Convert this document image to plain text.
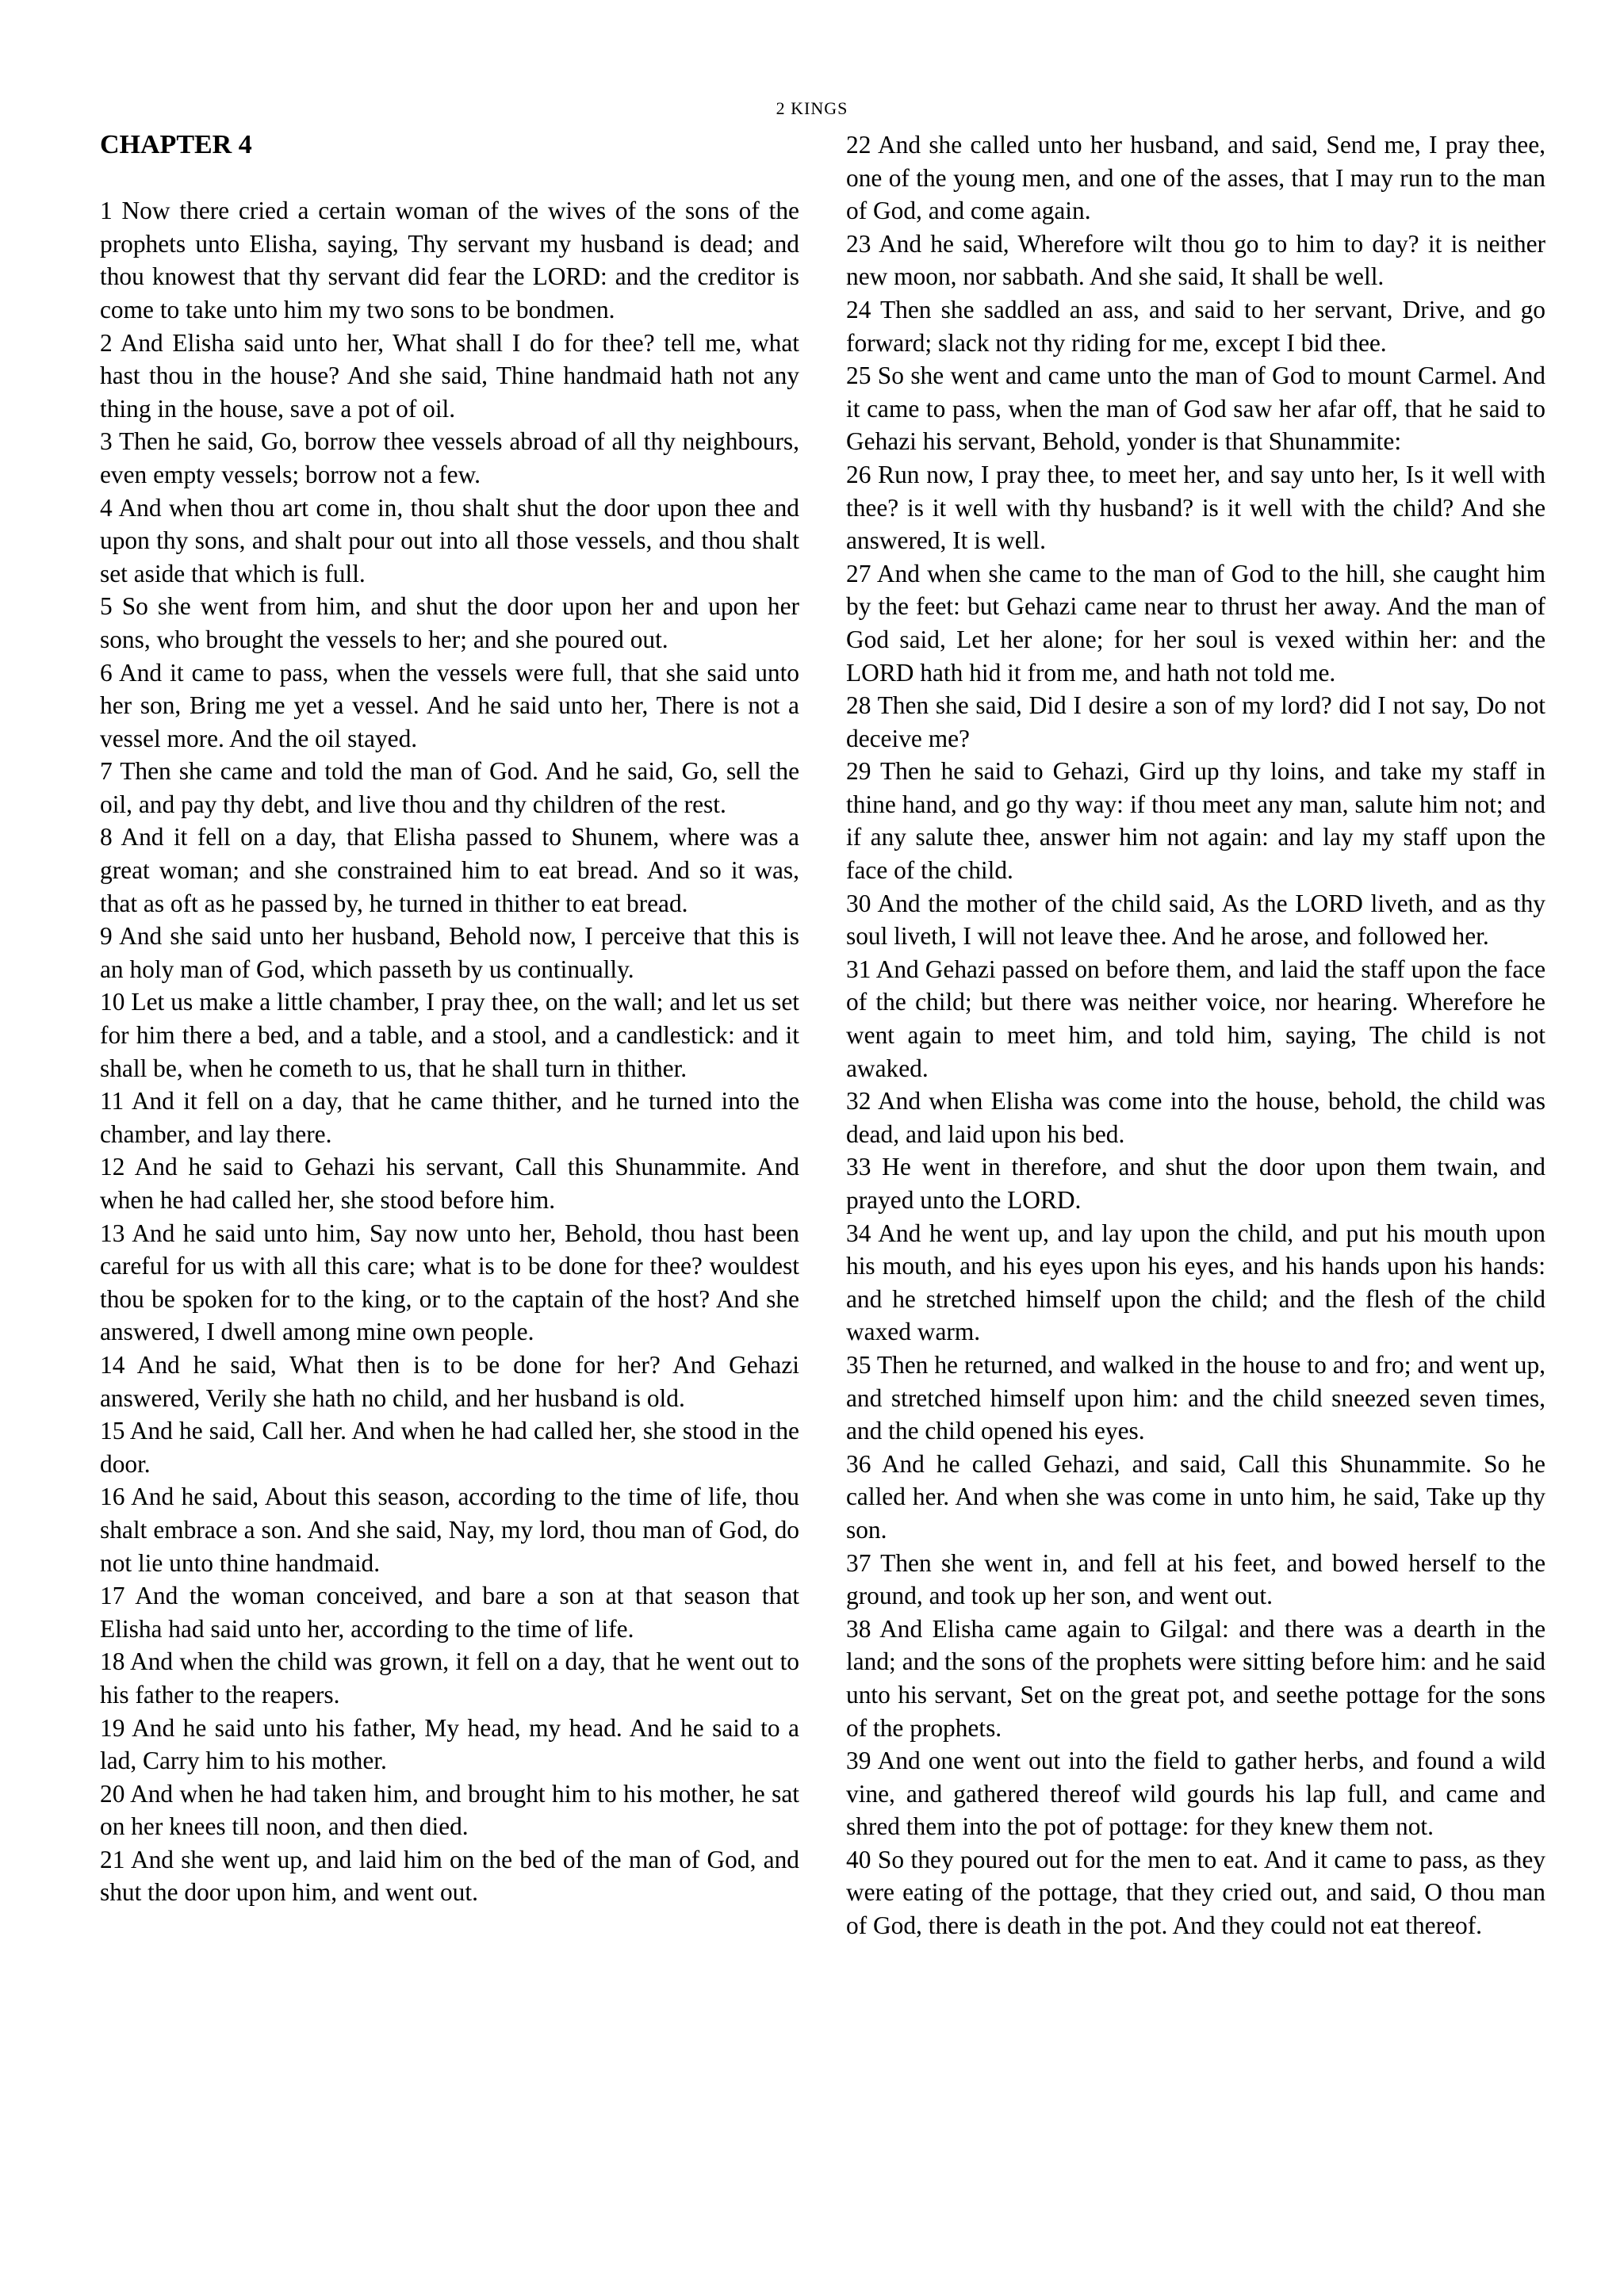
2 KINGS
CHAPTER 4

1 Now there cried a certain woman of the wives of the sons of the prophets unto Elisha, saying, Thy servant my husband is dead; and thou knowest that thy servant did fear the LORD: and the creditor is come to take unto him my two sons to be bondmen.

2 And Elisha said unto her, What shall I do for thee? tell me, what hast thou in the house? And she said, Thine handmaid hath not any thing in the house, save a pot of oil.

3 Then he said, Go, borrow thee vessels abroad of all thy neighbours, even empty vessels; borrow not a few.

4 And when thou art come in, thou shalt shut the door upon thee and upon thy sons, and shalt pour out into all those vessels, and thou shalt set aside that which is full.

5 So she went from him, and shut the door upon her and upon her sons, who brought the vessels to her; and she poured out.

6 And it came to pass, when the vessels were full, that she said unto her son, Bring me yet a vessel. And he said unto her, There is not a vessel more. And the oil stayed.

7 Then she came and told the man of God. And he said, Go, sell the oil, and pay thy debt, and live thou and thy children of the rest.

8 And it fell on a day, that Elisha passed to Shunem, where was a great woman; and she constrained him to eat bread. And so it was, that as oft as he passed by, he turned in thither to eat bread.

9 And she said unto her husband, Behold now, I perceive that this is an holy man of God, which passeth by us continually.

10 Let us make a little chamber, I pray thee, on the wall; and let us set for him there a bed, and a table, and a stool, and a candlestick: and it shall be, when he cometh to us, that he shall turn in thither.

11 And it fell on a day, that he came thither, and he turned into the chamber, and lay there.

12 And he said to Gehazi his servant, Call this Shunammite. And when he had called her, she stood before him.

13 And he said unto him, Say now unto her, Behold, thou hast been careful for us with all this care; what is to be done for thee? wouldest thou be spoken for to the king, or to the captain of the host? And she answered, I dwell among mine own people.

14 And he said, What then is to be done for her? And Gehazi answered, Verily she hath no child, and her husband is old.

15 And he said, Call her. And when he had called her, she stood in the door.

16 And he said, About this season, according to the time of life, thou shalt embrace a son. And she said, Nay, my lord, thou man of God, do not lie unto thine handmaid.

17 And the woman conceived, and bare a son at that season that Elisha had said unto her, according to the time of life.

18 And when the child was grown, it fell on a day, that he went out to his father to the reapers.

19 And he said unto his father, My head, my head. And he said to a lad, Carry him to his mother.

20 And when he had taken him, and brought him to his mother, he sat on her knees till noon, and then died.

21 And she went up, and laid him on the bed of the man of God, and shut the door upon him, and went out.

22 And she called unto her husband, and said, Send me, I pray thee, one of the young men, and one of the asses, that I may run to the man of God, and come again.

23 And he said, Wherefore wilt thou go to him to day? it is neither new moon, nor sabbath. And she said, It shall be well.

24 Then she saddled an ass, and said to her servant, Drive, and go forward; slack not thy riding for me, except I bid thee.

25 So she went and came unto the man of God to mount Carmel. And it came to pass, when the man of God saw her afar off, that he said to Gehazi his servant, Behold, yonder is that Shunammite:

26 Run now, I pray thee, to meet her, and say unto her, Is it well with thee? is it well with thy husband? is it well with the child? And she answered, It is well.

27 And when she came to the man of God to the hill, she caught him by the feet: but Gehazi came near to thrust her away. And the man of God said, Let her alone; for her soul is vexed within her: and the LORD hath hid it from me, and hath not told me.

28 Then she said, Did I desire a son of my lord? did I not say, Do not deceive me?

29 Then he said to Gehazi, Gird up thy loins, and take my staff in thine hand, and go thy way: if thou meet any man, salute him not; and if any salute thee, answer him not again: and lay my staff upon the face of the child.

30 And the mother of the child said, As the LORD liveth, and as thy soul liveth, I will not leave thee. And he arose, and followed her.

31 And Gehazi passed on before them, and laid the staff upon the face of the child; but there was neither voice, nor hearing. Wherefore he went again to meet him, and told him, saying, The child is not awaked.

32 And when Elisha was come into the house, behold, the child was dead, and laid upon his bed.

33 He went in therefore, and shut the door upon them twain, and prayed unto the LORD.

34 And he went up, and lay upon the child, and put his mouth upon his mouth, and his eyes upon his eyes, and his hands upon his hands: and he stretched himself upon the child; and the flesh of the child waxed warm.

35 Then he returned, and walked in the house to and fro; and went up, and stretched himself upon him: and the child sneezed seven times, and the child opened his eyes.

36 And he called Gehazi, and said, Call this Shunammite. So he called her. And when she was come in unto him, he said, Take up thy son.

37 Then she went in, and fell at his feet, and bowed herself to the ground, and took up her son, and went out.

38 And Elisha came again to Gilgal: and there was a dearth in the land; and the sons of the prophets were sitting before him: and he said unto his servant, Set on the great pot, and seethe pottage for the sons of the prophets.

39 And one went out into the field to gather herbs, and found a wild vine, and gathered thereof wild gourds his lap full, and came and shred them into the pot of pottage: for they knew them not.

40 So they poured out for the men to eat. And it came to pass, as they were eating of the pottage, that they cried out, and said, O thou man of God, there is death in the pot. And they could not eat thereof.
